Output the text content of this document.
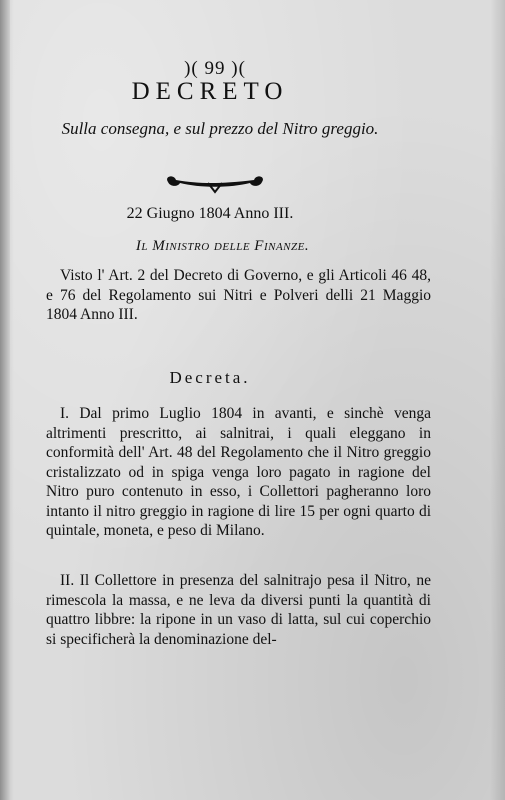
)( 99 )(
DECRETO
Sulla consegna, e sul prezzo del Nitro greggio.
22 Giugno 1804 Anno III.
Il Ministro delle Finanze.

Visto l' Art. 2 del Decreto di Governo, e gli Articoli 46 48, e 76 del Regolamento sui Nitri e Polveri delli 21 Maggio 1804 Anno III.

Decreta.

I. Dal primo Luglio 1804 in avanti, e sinchè venga altrimenti prescritto, ai salnitrai, i quali eleggano in conformità dell' Art. 48 del Regolamento che il Nitro greggio cristalizzato od in spiga venga loro pagato in ragione del Nitro puro contenuto in esso, i Collettori pagheranno loro intanto il nitro greggio in ragione di lire 15 per ogni quarto di quintale, moneta, e peso di Milano.

II. Il Collettore in presenza del salnitrajo pesa il Nitro, ne rimescola la massa, e ne leva da diversi punti la quantità di quattro libbre: la ripone in un vaso di latta, sul cui coperchio si specificherà la denominazione del-
